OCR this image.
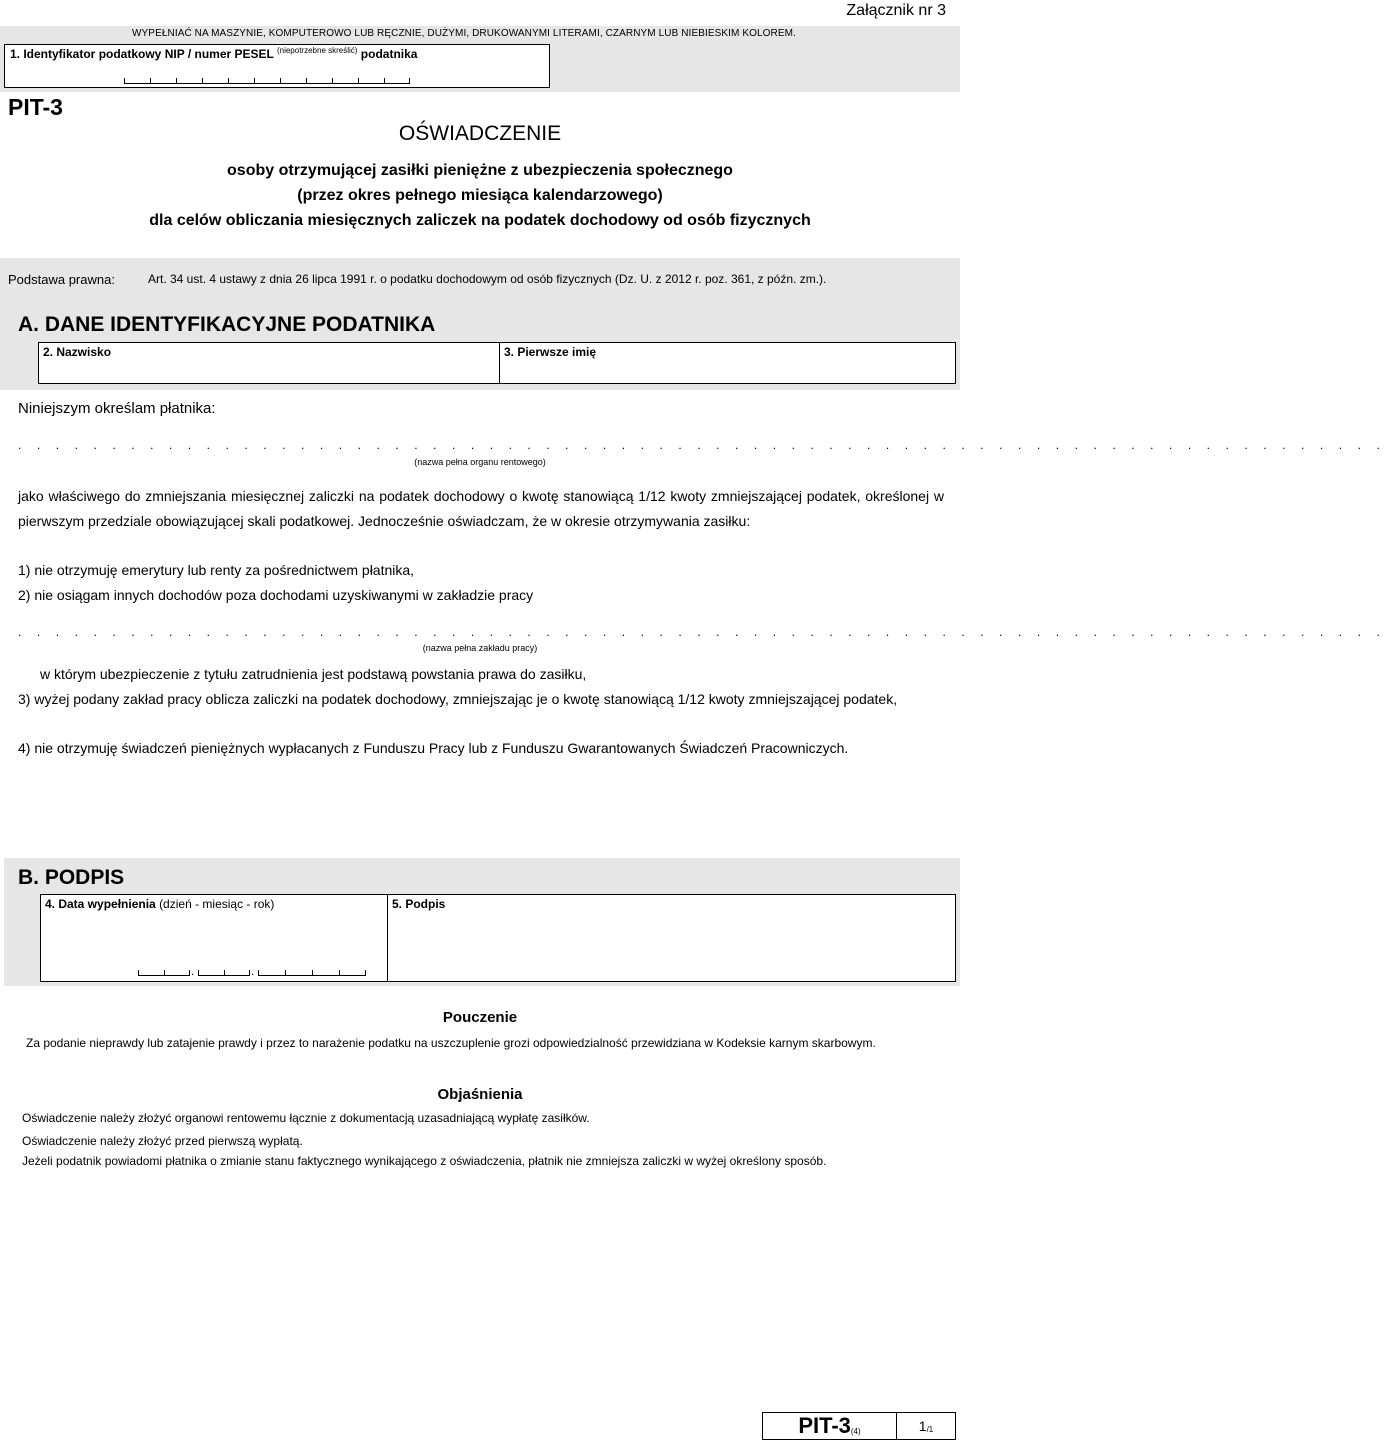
Załącznik nr 3
WYPEŁNIAĆ NA MASZYNIE, KOMPUTEROWO LUB RĘCZNIE, DUŻYMI, DRUKOWANYMI LITERAMI, CZARNYM LUB NIEBIESKIM KOLOREM.
1. Identyfikator podatkowy NIP / numer PESEL $^{(niepotrzebne skreślić)}$ podatnika
PIT-3
OŚWIADCZENIE
osoby otrzymującej zasiłki pieniężne z ubezpieczenia społecznego
(przez okres pełnego miesiąca kalendarzowego)
dla celów obliczania miesięcznych zaliczek na podatek dochodowy od osób fizycznych
Podstawa prawna:	Art. 34 ust. 4 ustawy z dnia 26 lipca 1991 r. o podatku dochodowym od osób fizycznych (Dz. U. z 2012 r. poz. 361, z późn. zm.).
A. DANE IDENTYFIKACYJNE PODATNIKA
2. Nazwisko	3. Pierwsze imię
Niniejszym określam płatnika:
. . . . . . . . . . . . . . . . . . . . . . . . . . . . . . . . . . . . . . . . . . . . . . . . . . . . . . . . . . . . . . . . . . . . . . . . .
(nazwa pełna organu rentowego)
jako właściwego do zmniejszania miesięcznej zaliczki na podatek dochodowy o kwotę stanowiącą 1/12 kwoty zmniejszającej podatek, określonej w pierwszym przedziale obowiązującej skali podatkowej. Jednocześnie oświadczam, że w okresie otrzymywania zasiłku:
1) nie otrzymuję emerytury lub renty za pośrednictwem płatnika,
2) nie osiągam innych dochodów poza dochodami uzyskiwanymi w zakładzie pracy
. . . . . . . . . . . . . . . . . . . . . . . . . . . . . . . . . . . . . . . . . . . . . . . . . . . . . . . . . . . . . . . . . . . . . . . . .
(nazwa pełna zakładu pracy)
w którym ubezpieczenie z tytułu zatrudnienia jest podstawą powstania prawa do zasiłku,
3) wyżej podany zakład pracy oblicza zaliczki na podatek dochodowy, zmniejszając je o kwotę stanowiącą 1/12 kwoty zmniejszającej podatek,
4) nie otrzymuję świadczeń pieniężnych wypłacanych z Funduszu Pracy lub z Funduszu Gwarantowanych Świadczeń Pracowniczych.
B. PODPIS
4. Data wypełnienia (dzień - miesiąc - rok)
.	.
5. Podpis
Pouczenie
Za podanie nieprawdy lub zatajenie prawdy i przez to narażenie podatku na uszczuplenie grozi odpowiedzialność przewidziana w Kodeksie karnym skarbowym.
Objaśnienia
Oświadczenie należy złożyć organowi rentowemu łącznie z dokumentacją uzasadniającą wypłatę zasiłków.
Oświadczenie należy złożyć przed pierwszą wypłatą.
Jeżeli podatnik powiadomi płatnika o zmianie stanu faktycznego wynikającego z oświadczenia, płatnik nie zmniejsza zaliczki w wyżej określony sposób.
PIT-3 (4)	1 /1
